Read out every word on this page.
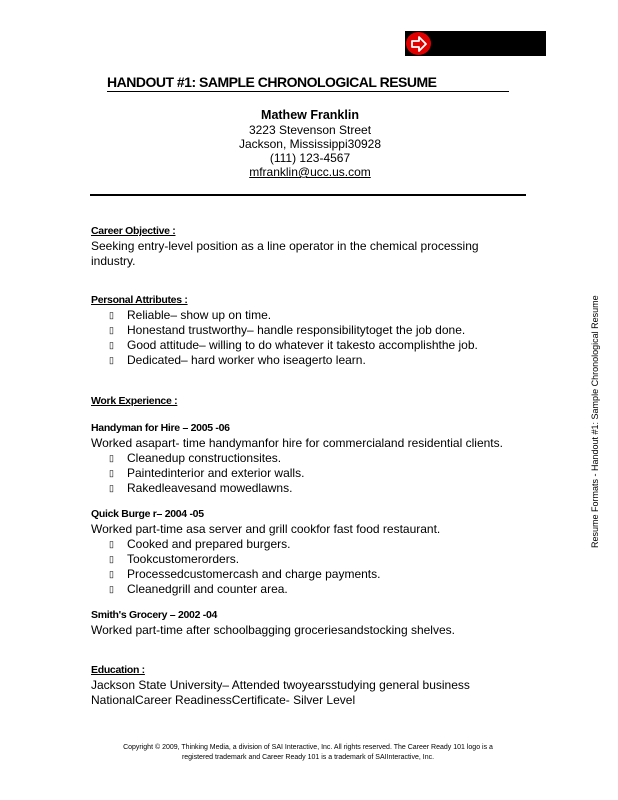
HANDOUT #1: SAMPLE CHRONOLOGICAL RESUME
Mathew Franklin
3223 Stevenson Street
Jackson, Mississippi30928
(111) 123-4567
mfranklin@ucc.us.com
Career Objective :
Seeking entry-level position as a line operator in the chemical processing industry.
Personal Attributes :
▯ Reliable– show up on time.
▯ Honestand trustworthy– handle responsibilitytoget the job done.
▯ Good attitude– willing to do whatever it takesto accomplishthe job.
▯ Dedicated– hard worker who iseagerto learn.
Work Experience :
Handyman for Hire – 2005 -06
Worked asapart- time handymanfor hire for commercialand residential clients.
▯ Cleanedup constructionsites.
▯ Paintedinterior and exterior walls.
▯ Rakedleavesand mowedlawns.
Quick Burge r– 2004 -05
Worked part-time asa server and grill cookfor fast food restaurant.
▯ Cooked and prepared burgers.
▯ Tookcustomerorders.
▯ Processedcustomercash and charge payments.
▯ Cleanedgrill and counter area.
Smith's Grocery – 2002 -04
Worked part-time after schoolbagging groceriesandstocking shelves.
Education :
Jackson State University– Attended twoyearsstudying general business
NationalCareer ReadinessCertificate- Silver Level
Resume Formats - Handout #1: Sample Chronological Resume
Copyright © 2009, Thinking Media, a division of SAI Interactive, Inc. All rights reserved. The Career Ready 101 logo is a
registered trademark and Career Ready 101 is a trademark of SAIInteractive, Inc.
